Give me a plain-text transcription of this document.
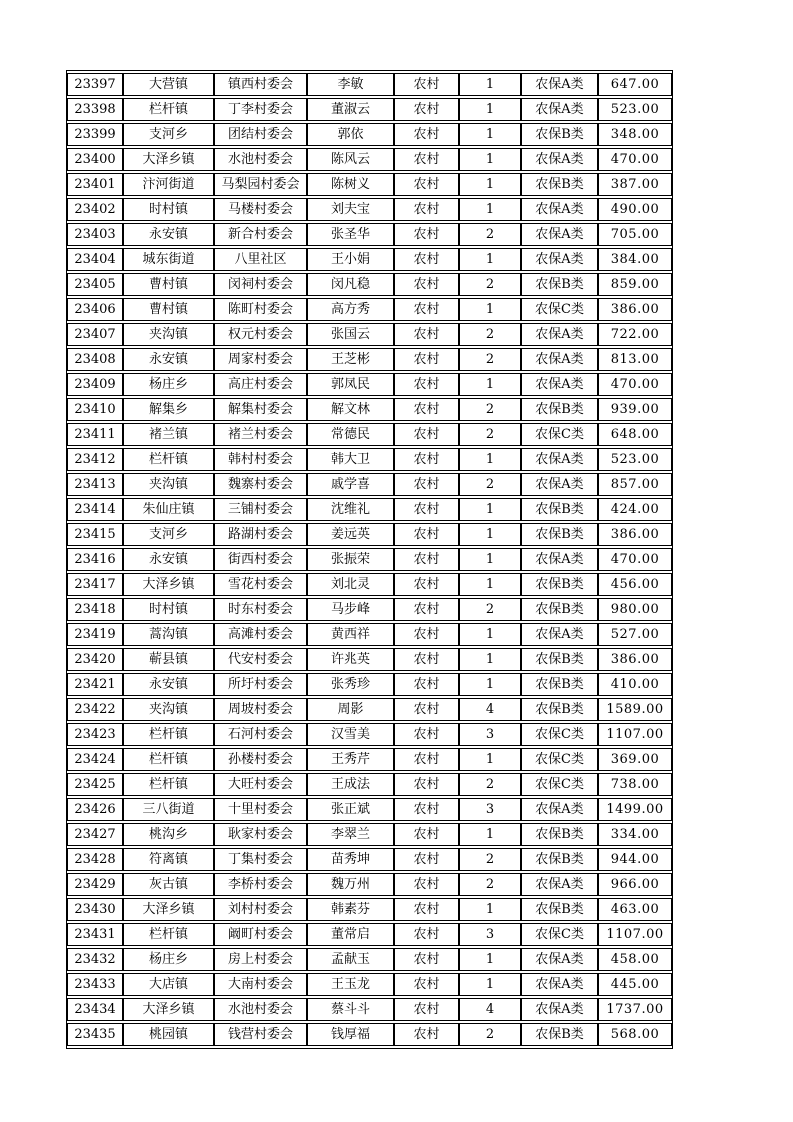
23397	大营镇	镇西村委会	李敏	农村	1	农保A类	647.00
23398	栏杆镇	丁李村委会	董淑云	农村	1	农保A类	523.00
23399	支河乡	团结村委会	郭依	农村	1	农保B类	348.00
23400	大泽乡镇	水池村委会	陈风云	农村	1	农保A类	470.00
23401	汴河街道	马梨园村委会	陈树义	农村	1	农保B类	387.00
23402	时村镇	马楼村委会	刘夫宝	农村	1	农保A类	490.00
23403	永安镇	新合村委会	张圣华	农村	2	农保A类	705.00
23404	城东街道	八里社区	王小娟	农村	1	农保A类	384.00
23405	曹村镇	闵祠村委会	闵凡稳	农村	2	农保B类	859.00
23406	曹村镇	陈町村委会	高方秀	农村	1	农保C类	386.00
23407	夹沟镇	权元村委会	张国云	农村	2	农保A类	722.00
23408	永安镇	周家村委会	王芝彬	农村	2	农保A类	813.00
23409	杨庄乡	高庄村委会	郭凤民	农村	1	农保A类	470.00
23410	解集乡	解集村委会	解文林	农村	2	农保B类	939.00
23411	褚兰镇	褚兰村委会	常德民	农村	2	农保C类	648.00
23412	栏杆镇	韩村村委会	韩大卫	农村	1	农保A类	523.00
23413	夹沟镇	魏寨村委会	戚学喜	农村	2	农保A类	857.00
23414	朱仙庄镇	三铺村委会	沈维礼	农村	1	农保B类	424.00
23415	支河乡	路湖村委会	姜远英	农村	1	农保B类	386.00
23416	永安镇	街西村委会	张振荣	农村	1	农保A类	470.00
23417	大泽乡镇	雪花村委会	刘北灵	农村	1	农保B类	456.00
23418	时村镇	时东村委会	马步峰	农村	2	农保B类	980.00
23419	蒿沟镇	高滩村委会	黄西祥	农村	1	农保A类	527.00
23420	蕲县镇	代安村委会	许兆英	农村	1	农保B类	386.00
23421	永安镇	所圩村委会	张秀珍	农村	1	农保B类	410.00
23422	夹沟镇	周坡村委会	周影	农村	4	农保B类	1589.00
23423	栏杆镇	石河村委会	汉雪美	农村	3	农保C类	1107.00
23424	栏杆镇	孙楼村委会	王秀芹	农村	1	农保C类	369.00
23425	栏杆镇	大旺村委会	王成法	农村	2	农保C类	738.00
23426	三八街道	十里村委会	张正斌	农村	3	农保A类	1499.00
23427	桃沟乡	耿家村委会	李翠兰	农村	1	农保B类	334.00
23428	符离镇	丁集村委会	苗秀坤	农村	2	农保B类	944.00
23429	灰古镇	李桥村委会	魏万州	农村	2	农保A类	966.00
23430	大泽乡镇	刘村村委会	韩素芬	农村	1	农保B类	463.00
23431	栏杆镇	阚町村委会	董常启	农村	3	农保C类	1107.00
23432	杨庄乡	房上村委会	孟献玉	农村	1	农保A类	458.00
23433	大店镇	大南村委会	王玉龙	农村	1	农保A类	445.00
23434	大泽乡镇	水池村委会	蔡斗斗	农村	4	农保A类	1737.00
23435	桃园镇	钱营村委会	钱厚福	农村	2	农保B类	568.00
